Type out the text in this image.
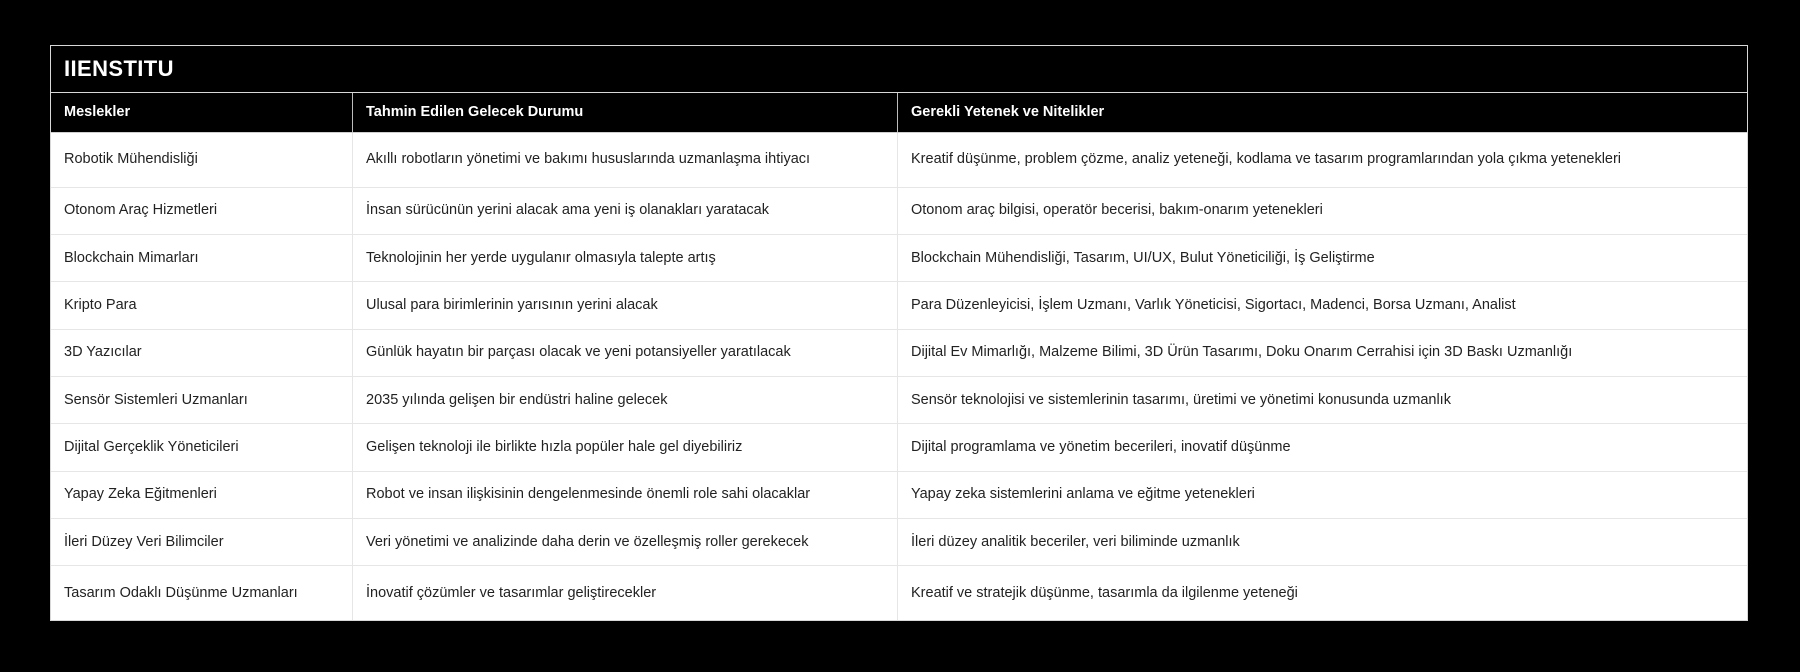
IIENSTITU
Meslekler	Tahmin Edilen Gelecek Durumu	Gerekli Yetenek ve Nitelikler
Robotik Mühendisliği	Akıllı robotların yönetimi ve bakımı hususlarında uzmanlaşma ihtiyacı	Kreatif düşünme, problem çözme, analiz yeteneği, kodlama ve tasarım programlarından yola çıkma yetenekleri
Otonom Araç Hizmetleri	İnsan sürücünün yerini alacak ama yeni iş olanakları yaratacak	Otonom araç bilgisi, operatör becerisi, bakım-onarım yetenekleri
Blockchain Mimarları	Teknolojinin her yerde uygulanır olmasıyla talepte artış	Blockchain Mühendisliği, Tasarım, UI/UX, Bulut Yöneticiliği, İş Geliştirme
Kripto Para	Ulusal para birimlerinin yarısının yerini alacak	Para Düzenleyicisi, İşlem Uzmanı, Varlık Yöneticisi, Sigortacı, Madenci, Borsa Uzmanı, Analist
3D Yazıcılar	Günlük hayatın bir parçası olacak ve yeni potansiyeller yaratılacak	Dijital Ev Mimarlığı, Malzeme Bilimi, 3D Ürün Tasarımı, Doku Onarım Cerrahisi için 3D Baskı Uzmanlığı
Sensör Sistemleri Uzmanları	2035 yılında gelişen bir endüstri haline gelecek	Sensör teknolojisi ve sistemlerinin tasarımı, üretimi ve yönetimi konusunda uzmanlık
Dijital Gerçeklik Yöneticileri	Gelişen teknoloji ile birlikte hızla popüler hale gel diyebiliriz	Dijital programlama ve yönetim becerileri, inovatif düşünme
Yapay Zeka Eğitmenleri	Robot ve insan ilişkisinin dengelenmesinde önemli role sahi olacaklar	Yapay zeka sistemlerini anlama ve eğitme yetenekleri
İleri Düzey Veri Bilimciler	Veri yönetimi ve analizinde daha derin ve özelleşmiş roller gerekecek	İleri düzey analitik beceriler, veri biliminde uzmanlık
Tasarım Odaklı Düşünme Uzmanları	İnovatif çözümler ve tasarımlar geliştirecekler	Kreatif ve stratejik düşünme, tasarımla da ilgilenme yeteneği
